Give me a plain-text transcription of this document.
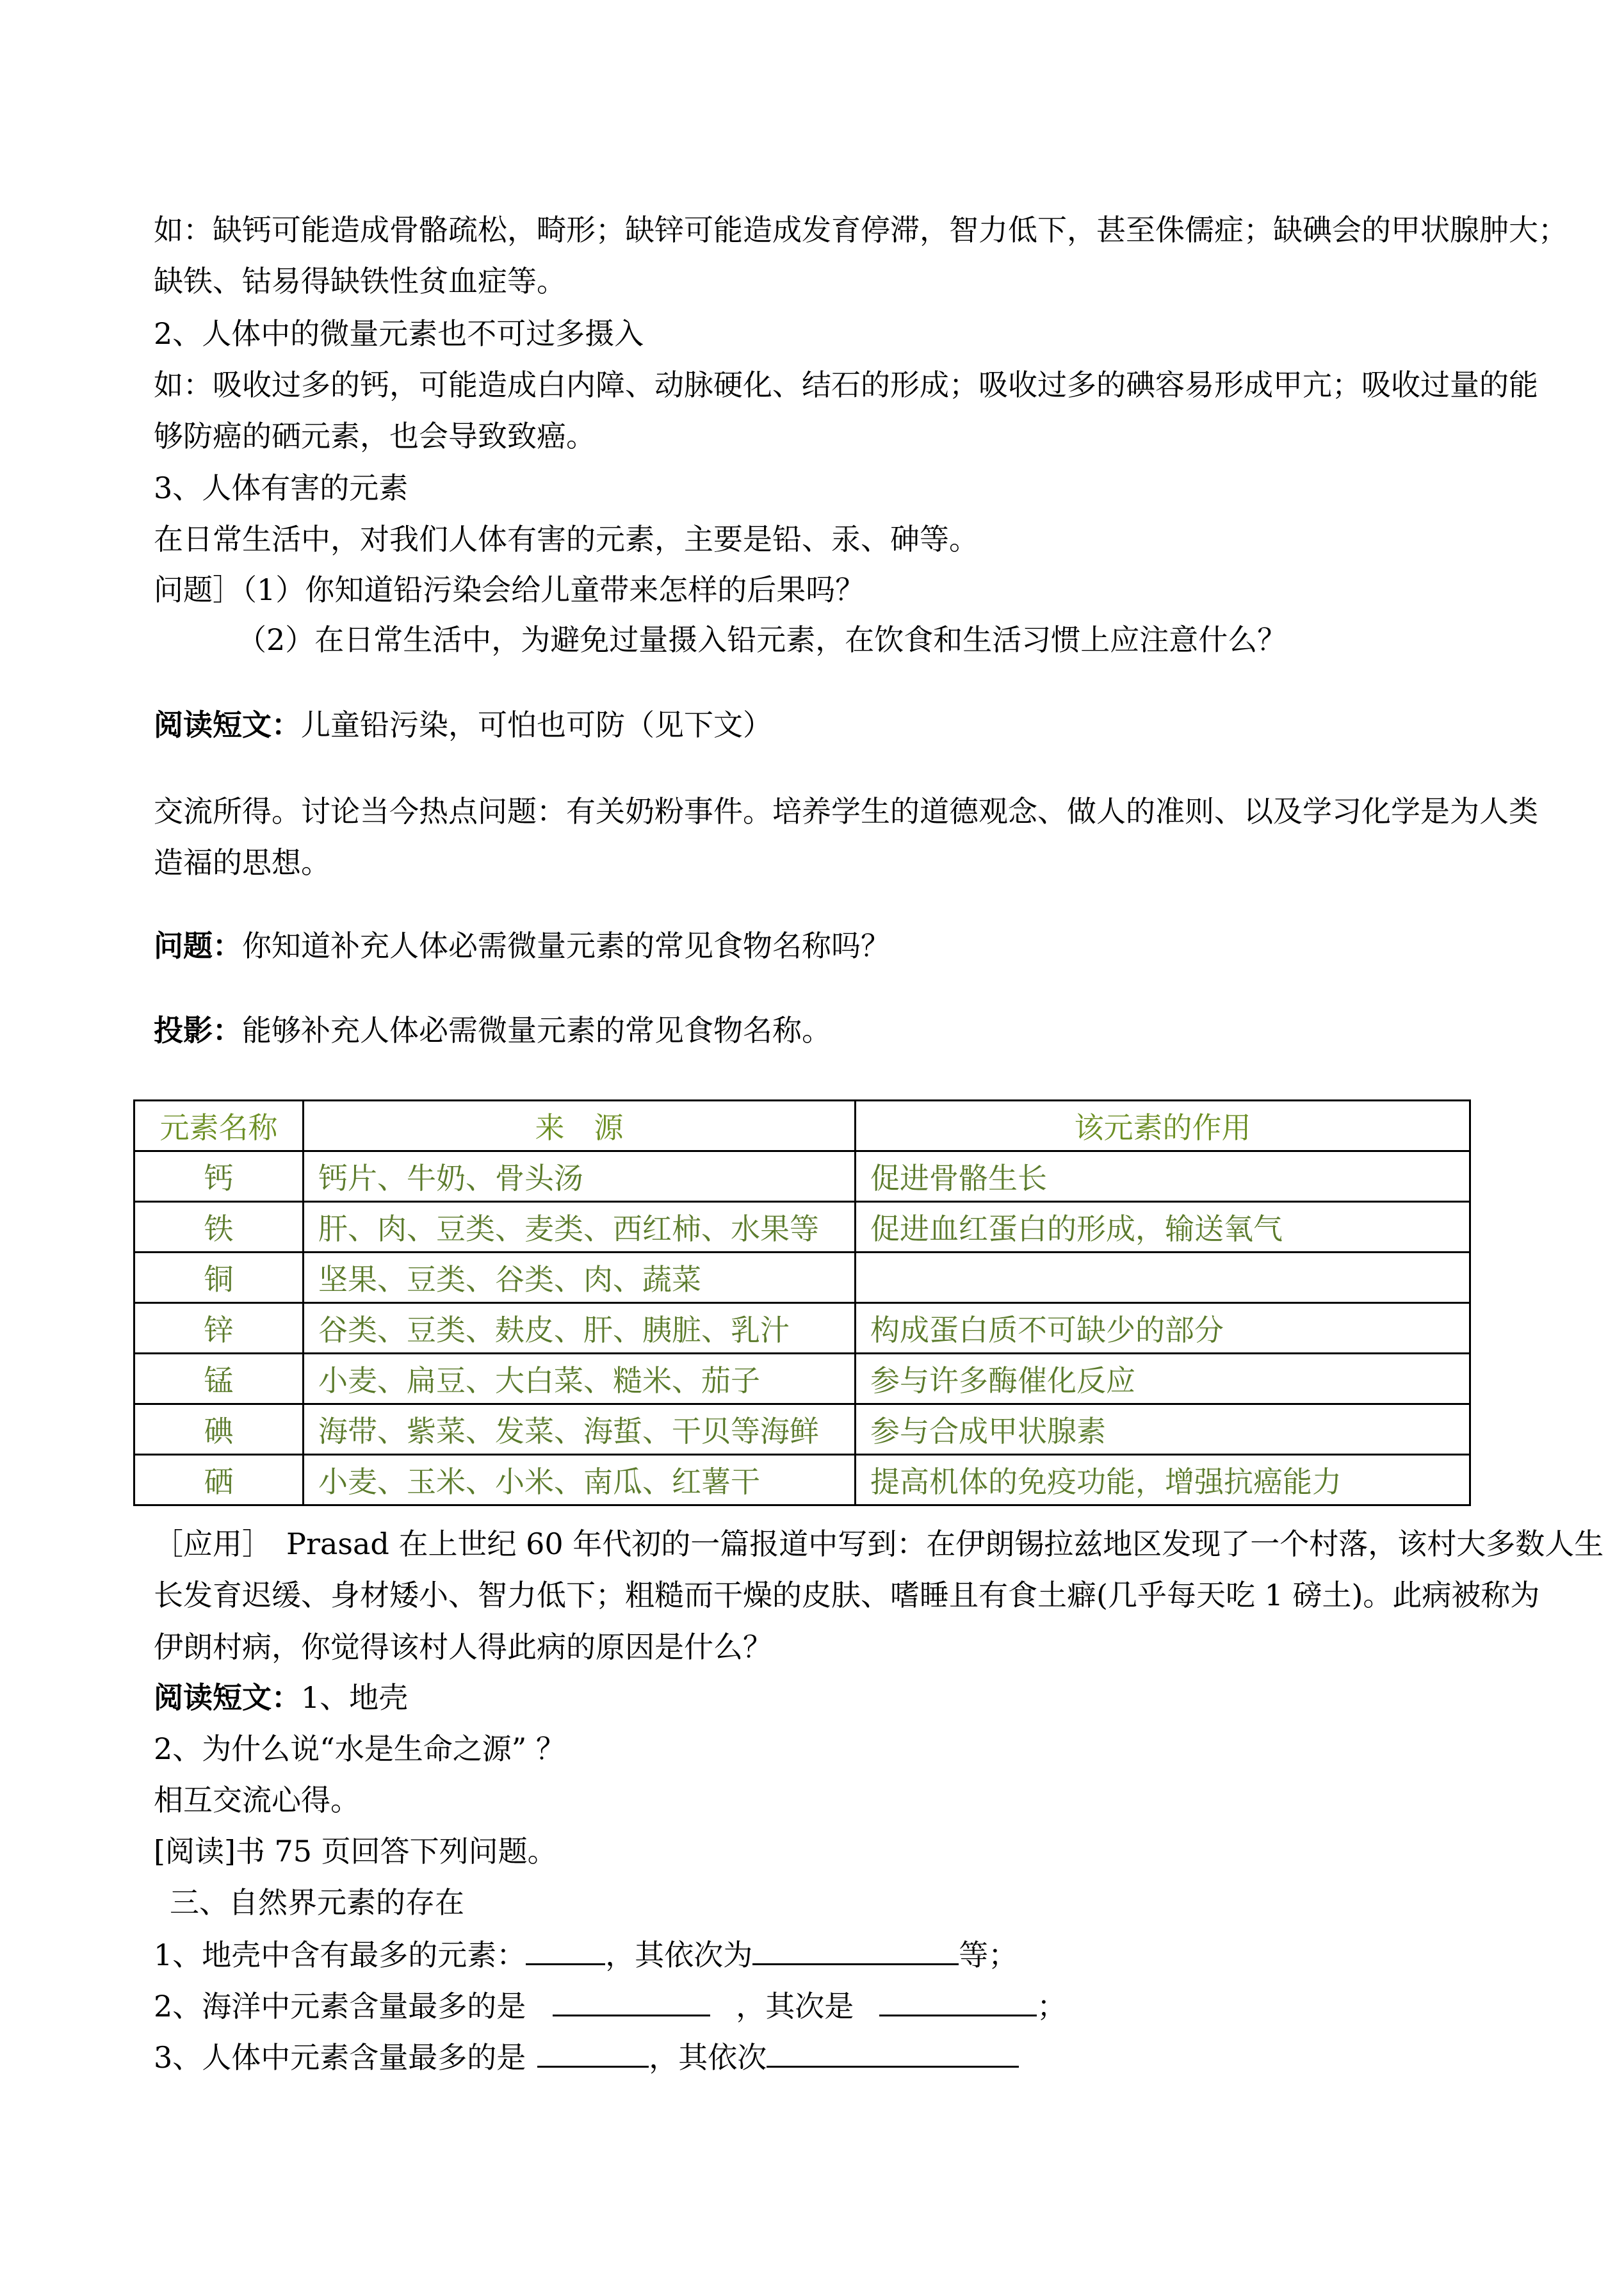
如：缺钙可能造成骨骼疏松，畸形；缺锌可能造成发育停滞，智力低下，甚至侏儒症；缺碘会的甲状腺肿大；
缺铁、钴易得缺铁性贫血症等。
2、人体中的微量元素也不可过多摄入
如：吸收过多的钙，可能造成白内障、动脉硬化、结石的形成；吸收过多的碘容易形成甲亢；吸收过量的能
够防癌的硒元素，也会导致致癌。
3、人体有害的元素
在日常生活中，对我们人体有害的元素，主要是铅、汞、砷等。
问题］（1）你知道铅污染会给儿童带来怎样的后果吗？
（2）在日常生活中，为避免过量摄入铅元素，在饮食和生活习惯上应注意什么？
阅读短文：儿童铅污染，可怕也可防（见下文）
交流所得。讨论当今热点问题：有关奶粉事件。培养学生的道德观念、做人的准则、以及学习化学是为人类
造福的思想。
问题：你知道补充人体必需微量元素的常见食物名称吗？
投影：能够补充人体必需微量元素的常见食物名称。
元素名称	来　源	该元素的作用
钙	钙片、牛奶、骨头汤	促进骨骼生长
铁	肝、肉、豆类、麦类、西红柿、水果等	促进血红蛋白的形成，输送氧气
铜	坚果、豆类、谷类、肉、蔬菜	
锌	谷类、豆类、麸皮、肝、胰脏、乳汁	构成蛋白质不可缺少的部分
锰	小麦、扁豆、大白菜、糙米、茄子	参与许多酶催化反应
碘	海带、紫菜、发菜、海蜇、干贝等海鲜	参与合成甲状腺素
硒	小麦、玉米、小米、南瓜、红薯干	提高机体的免疫功能，增强抗癌能力
［应用］　Prasad 在上世纪 60 年代初的一篇报道中写到：在伊朗锡拉兹地区发现了一个村落，该村大多数人生
长发育迟缓、身材矮小、智力低下；粗糙而干燥的皮肤、嗜睡且有食土癖(几乎每天吃 1 磅土)。此病被称为
伊朗村病，你觉得该村人得此病的原因是什么？
阅读短文：1、地壳
2、为什么说“水是生命之源” ？
相互交流心得。
[阅读]书 75 页回答下列问题。
三、自然界元素的存在
1、地壳中含有最多的元素：	，其依次为	等；
2、海洋中元素含量最多的是	，其次是	；
3、人体中元素含量最多的是	，其依次
